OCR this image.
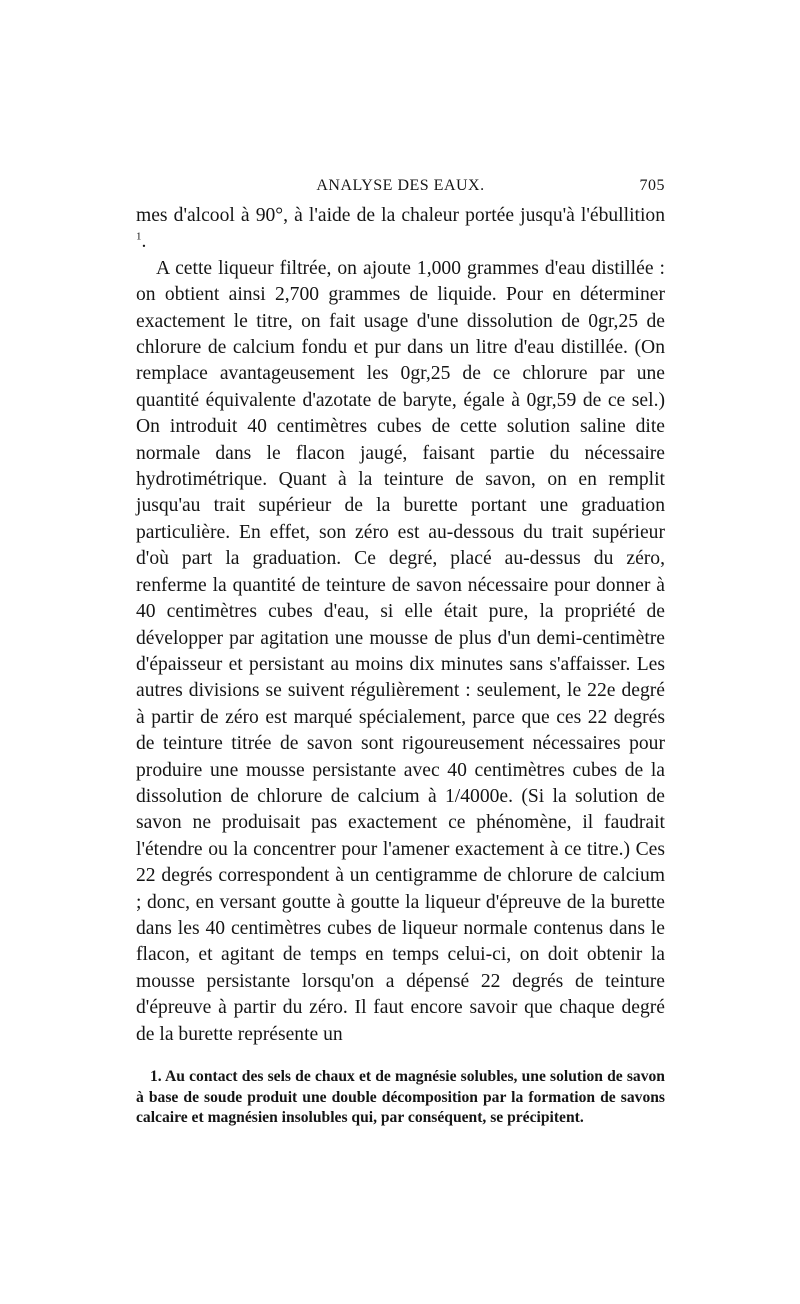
ANALYSE DES EAUX.	705

mes d'alcool à 90°, à l'aide de la chaleur portée jusqu'à l'ébullition $^1$.

A cette liqueur filtrée, on ajoute 1,000 grammes d'eau distillée : on obtient ainsi 2,700 grammes de liquide. Pour en déterminer exactement le titre, on fait usage d'une dissolution de 0gr,25 de chlorure de calcium fondu et pur dans un litre d'eau distillée. (On remplace avantageusement les 0gr,25 de ce chlorure par une quantité équivalente d'azotate de baryte, égale à 0gr,59 de ce sel.) On introduit 40 centimètres cubes de cette solution saline dite normale dans le flacon jaugé, faisant partie du nécessaire hydrotimétrique. Quant à la teinture de savon, on en remplit jusqu'au trait supérieur de la burette portant une graduation particulière. En effet, son zéro est au-dessous du trait supérieur d'où part la graduation. Ce degré, placé au-dessus du zéro, renferme la quantité de teinture de savon nécessaire pour donner à 40 centimètres cubes d'eau, si elle était pure, la propriété de développer par agitation une mousse de plus d'un demi-centimètre d'épaisseur et persistant au moins dix minutes sans s'affaisser. Les autres divisions se suivent régulièrement : seulement, le 22e degré à partir de zéro est marqué spécialement, parce que ces 22 degrés de teinture titrée de savon sont rigoureusement nécessaires pour produire une mousse persistante avec 40 centimètres cubes de la dissolution de chlorure de calcium à 1/4000e. (Si la solution de savon ne produisait pas exactement ce phénomène, il faudrait l'étendre ou la concentrer pour l'amener exactement à ce titre.) Ces 22 degrés correspondent à un centigramme de chlorure de calcium ; donc, en versant goutte à goutte la liqueur d'épreuve de la burette dans les 40 centimètres cubes de liqueur normale contenus dans le flacon, et agitant de temps en temps celui-ci, on doit obtenir la mousse persistante lorsqu'on a dépensé 22 degrés de teinture d'épreuve à partir du zéro. Il faut encore savoir que chaque degré de la burette représente un

1. Au contact des sels de chaux et de magnésie solubles, une solution de savon à base de soude produit une double décomposition par la formation de savons calcaire et magnésien insolubles qui, par conséquent, se précipitent.
